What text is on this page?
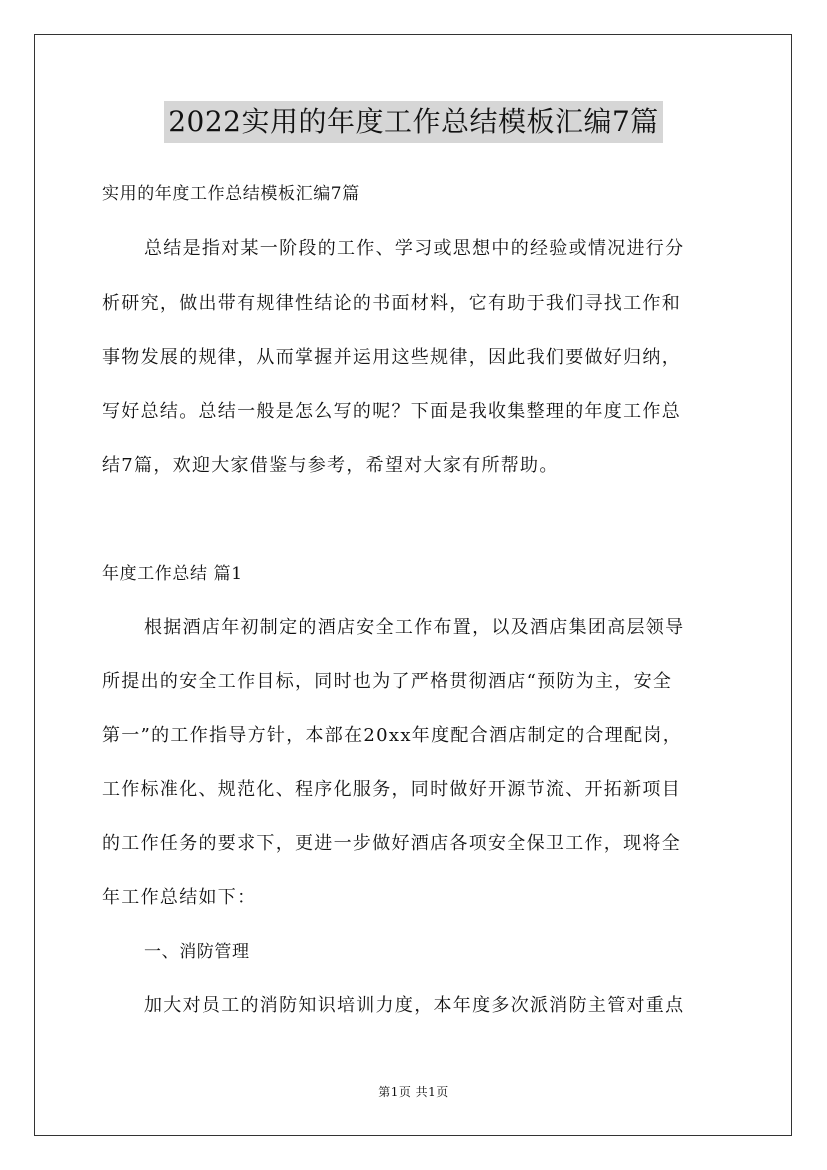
2022实用的年度工作总结模板汇编7篇
实用的年度工作总结模板汇编7篇
总结是指对某一阶段的工作、学习或思想中的经验或情况进行分
析研究，做出带有规律性结论的书面材料，它有助于我们寻找工作和
事物发展的规律，从而掌握并运用这些规律，因此我们要做好归纳，
写好总结。总结一般是怎么写的呢？下面是我收集整理的年度工作总
结7篇，欢迎大家借鉴与参考，希望对大家有所帮助。
年度工作总结 篇1
根据酒店年初制定的酒店安全工作布置，以及酒店集团高层领导
所提出的安全工作目标，同时也为了严格贯彻酒店“预防为主，安全
第一”的工作指导方针，本部在20xx年度配合酒店制定的合理配岗，
工作标准化、规范化、程序化服务，同时做好开源节流、开拓新项目
的工作任务的要求下，更进一步做好酒店各项安全保卫工作，现将全
年工作总结如下：
一、消防管理
加大对员工的消防知识培训力度，本年度多次派消防主管对重点
第1页 共1页
